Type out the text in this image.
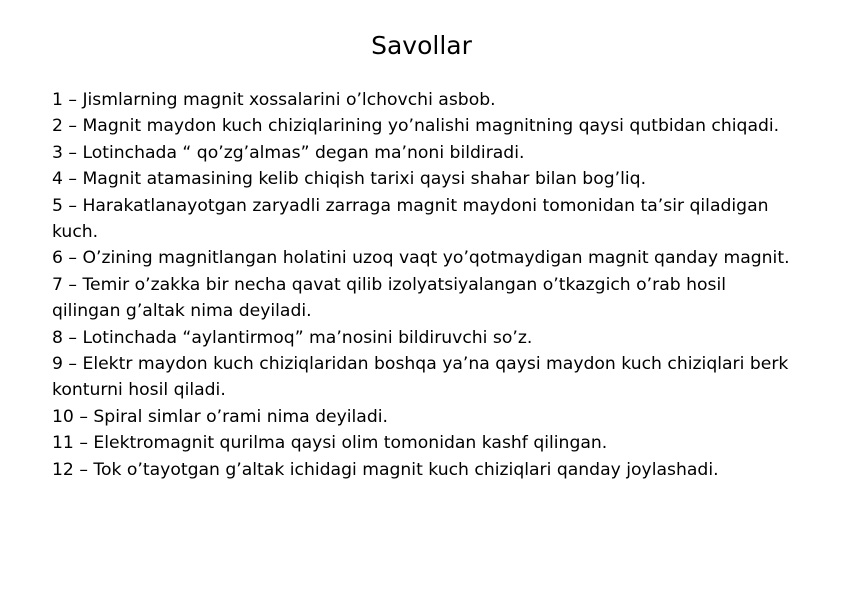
Savollar
1 – Jismlarning magnit xossalarini o’lchovchi asbob.
2 – Magnit maydon kuch chiziqlarining yo’nalishi magnitning qaysi qutbidan chiqadi.
3 – Lotinchada “ qo’zg’almas” degan ma’noni bildiradi.
4 – Magnit atamasining kelib chiqish tarixi qaysi shahar bilan bog’liq.
5 – Harakatlanayotgan zaryadli zarraga magnit maydoni tomonidan ta’sir qiladigan kuch.
6 – O’zining magnitlangan holatini uzoq vaqt yo’qotmaydigan magnit qanday magnit.
7 – Temir o’zakka bir necha qavat qilib izolyatsiyalangan o’tkazgich o’rab hosil qilingan g’altak nima deyiladi.
8 – Lotinchada “aylantirmoq” ma’nosini bildiruvchi so’z.
9 – Elektr maydon kuch chiziqlaridan boshqa ya’na qaysi maydon kuch chiziqlari berk konturni hosil qiladi.
10 – Spiral simlar o’rami nima deyiladi.
11 – Elektromagnit qurilma qaysi olim tomonidan kashf qilingan.
12 – Tok o’tayotgan g’altak ichidagi magnit kuch chiziqlari qanday joylashadi.
